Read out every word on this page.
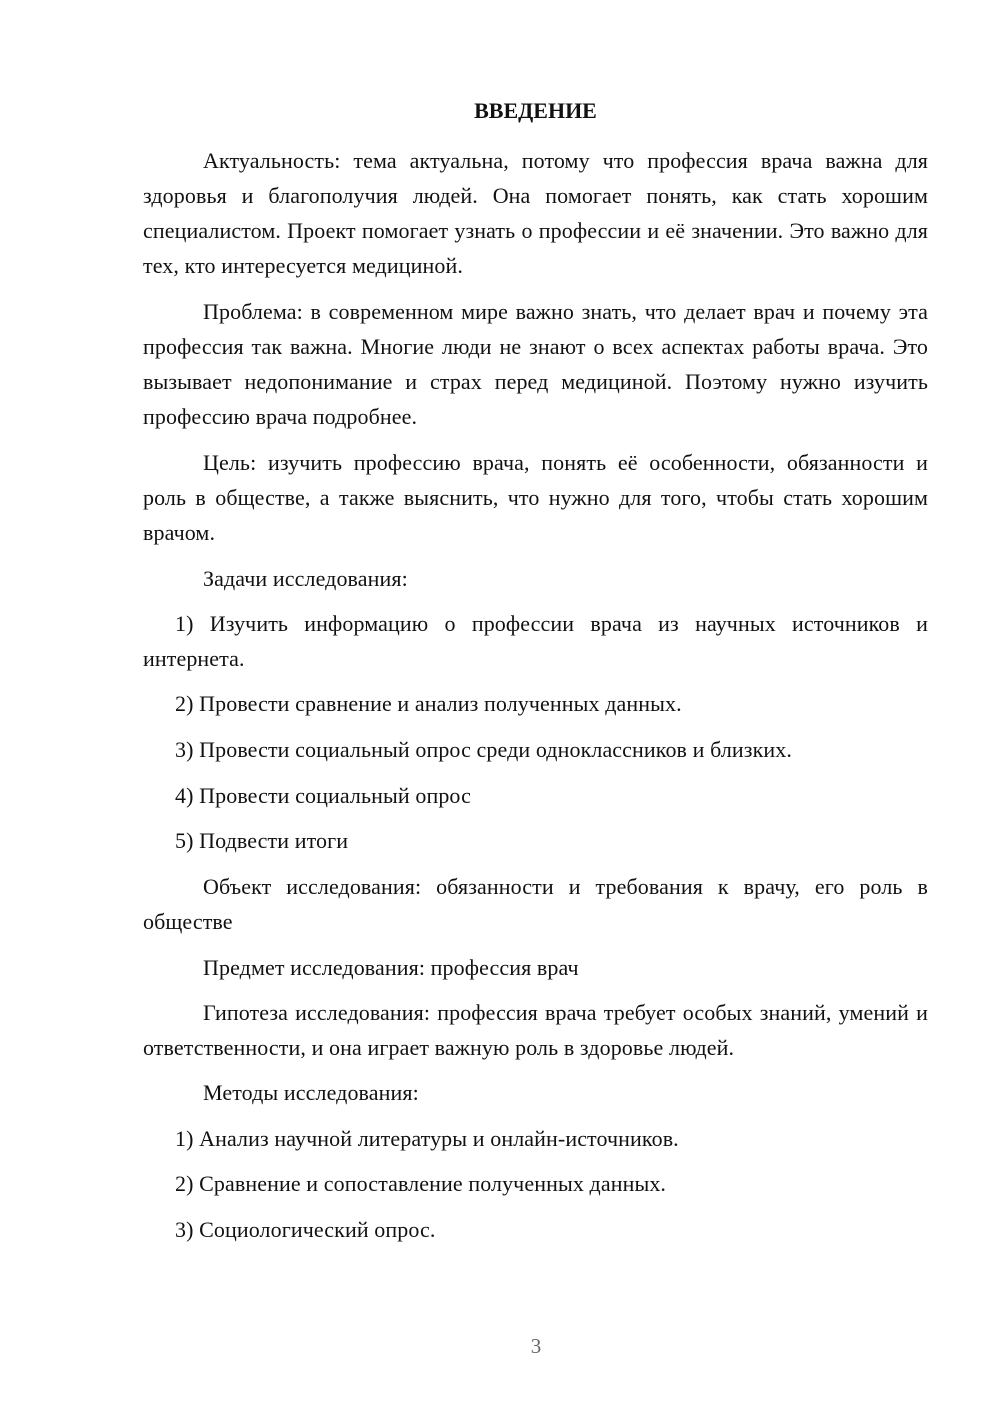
ВВЕДЕНИЕ

Актуальность: тема актуальна, потому что профессия врача важна для здоровья и благополучия людей. Она помогает понять, как стать хорошим специалистом. Проект помогает узнать о профессии и её значении. Это важно для тех, кто интересуется медициной.

Проблема: в современном мире важно знать, что делает врач и почему эта профессия так важна. Многие люди не знают о всех аспектах работы врача. Это вызывает недопонимание и страх перед медициной. Поэтому нужно изучить профессию врача подробнее.

Цель: изучить профессию врача, понять её особенности, обязанности и роль в обществе, а также выяснить, что нужно для того, чтобы стать хорошим врачом.

Задачи исследования:

1) Изучить информацию о профессии врача из научных источников и интернета.

2) Провести сравнение и анализ полученных данных.

3) Провести социальный опрос среди одноклассников и близких.

4) Провести социальный опрос

5) Подвести итоги

Объект исследования: обязанности и требования к врачу, его роль в обществе

Предмет исследования: профессия врач

Гипотеза исследования: профессия врача требует особых знаний, умений и ответственности, и она играет важную роль в здоровье людей.

Методы исследования:

1) Анализ научной литературы и онлайн-источников.

2) Сравнение и сопоставление полученных данных.

3) Социологический опрос.

3
